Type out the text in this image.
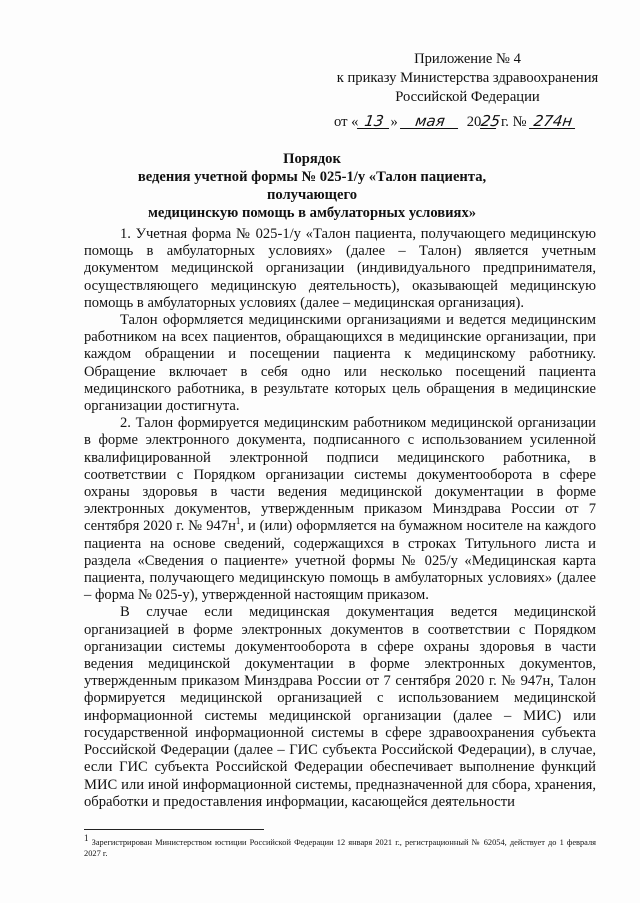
Приложение № 4
к приказу Министерства здравоохранения
Российской Федерации
от « 13 » мая 2025 г. № 274н
Порядок
ведения учетной формы № 025-1/у «Талон пациента, получающего
медицинскую помощь в амбулаторных условиях»

1. Учетная форма № 025-1/у «Талон пациента, получающего медицинскую помощь в амбулаторных условиях» (далее – Талон) является учетным документом медицинской организации (индивидуального предпринимателя, осуществляющего медицинскую деятельность), оказывающей медицинскую помощь в амбулаторных условиях (далее – медицинская организация).

Талон оформляется медицинскими организациями и ведется медицинским работником на всех пациентов, обращающихся в медицинские организации, при каждом обращении и посещении пациента к медицинскому работнику. Обращение включает в себя одно или несколько посещений пациента медицинского работника, в результате которых цель обращения в медицинские организации достигнута.

2. Талон формируется медицинским работником медицинской организации в форме электронного документа, подписанного с использованием усиленной квалифицированной электронной подписи медицинского работника, в соответствии с Порядком организации системы документооборота в сфере охраны здоровья в части ведения медицинской документации в форме электронных документов, утвержденным приказом Минздрава России от 7 сентября 2020 г. № $947н^1$, и (или) оформляется на бумажном носителе на каждого пациента на основе сведений, содержащихся в строках Титульного листа и раздела «Сведения о пациенте» учетной формы № 025/у «Медицинская карта пациента, получающего медицинскую помощь в амбулаторных условиях» (далее – форма № 025-у), утвержденной настоящим приказом.

В случае если медицинская документация ведется медицинской организацией в форме электронных документов в соответствии с Порядком организации системы документооборота в сфере охраны здоровья в части ведения медицинской документации в форме электронных документов, утвержденным приказом Минздрава России от 7 сентября 2020 г. № 947н, Талон формируется медицинской организацией с использованием медицинской информационной системы медицинской организации (далее – МИС) или государственной информационной системы в сфере здравоохранения субъекта Российской Федерации (далее – ГИС субъекта Российской Федерации), в случае, если ГИС субъекта Российской Федерации обеспечивает выполнение функций МИС или иной информационной системы, предназначенной для сбора, хранения, обработки и предоставления информации, касающейся деятельности

$^1$ Зарегистрирован Министерством юстиции Российской Федерации 12 января 2021 г., регистрационный № 62054, действует до 1 февраля 2027 г.
